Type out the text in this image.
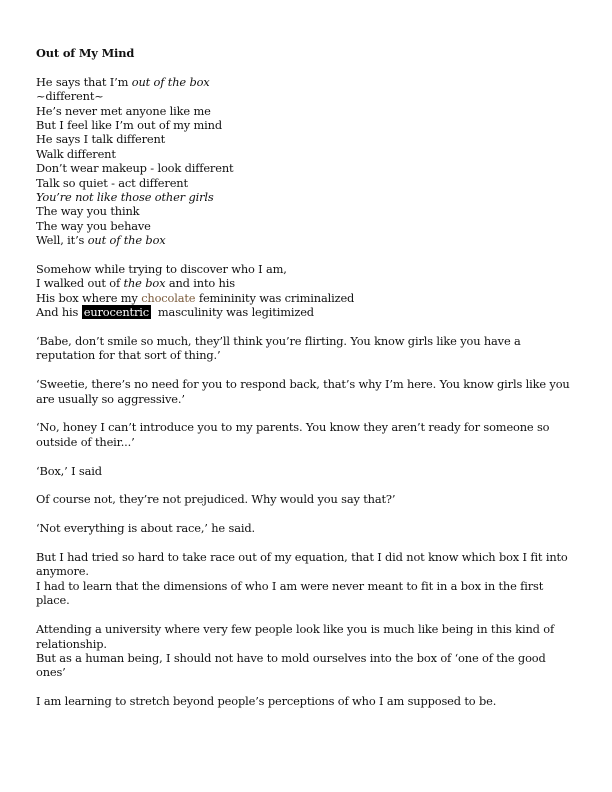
Out of My Mind
He says that I’m out of the box
~different~
He’s never met anyone like me
But I feel like I’m out of my mind
He says I talk different
Walk different
Don’t wear makeup - look different
Talk so quiet - act different
You’re not like those other girls
The way you think
The way you behave
Well, it’s out of the box
Somehow while trying to discover who I am,
I walked out of the box and into his
His box where my chocolate femininity was criminalized
And his eurocentric  masculinity was legitimized
‘Babe, don’t smile so much, they’ll think you’re flirting. You know girls like you have a reputation for that sort of thing.’
‘Sweetie, there’s no need for you to respond back, that’s why I’m here. You know girls like you are usually so aggressive.’
‘No, honey I can’t introduce you to my parents. You know they aren’t ready for someone so outside of their...’
‘Box,’ I said
Of course not, they’re not prejudiced. Why would you say that?’
‘Not everything is about race,’ he said.
But I had tried so hard to take race out of my equation, that I did not know which box I fit into anymore.
I had to learn that the dimensions of who I am were never meant to fit in a box in the first place.
Attending a university where very few people look like you is much like being in this kind of relationship.
But as a human being, I should not have to mold ourselves into the box of ‘one of the good ones’
I am learning to stretch beyond people’s perceptions of who I am supposed to be.
